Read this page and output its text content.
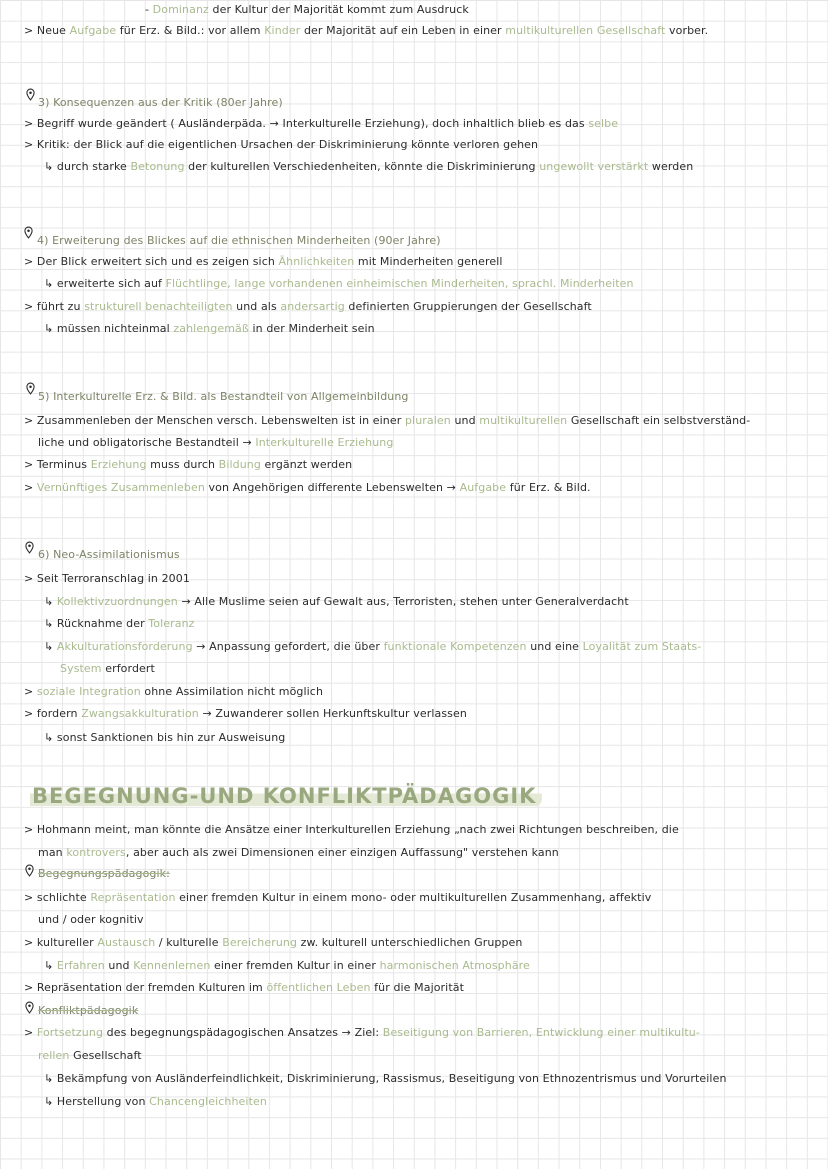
- Dominanz der Kultur der Majorität kommt zum Ausdruck
> Neue Aufgabe für Erz. & Bild.: vor allem Kinder der Majorität auf ein Leben in einer multikulturellen Gesellschaft vorber.
3) Konsequenzen aus der Kritik (80er Jahre)
> Begriff wurde geändert ( Ausländerpäda. → Interkulturelle Erziehung), doch inhaltlich blieb es das selbe
> Kritik: der Blick auf die eigentlichen Ursachen der Diskriminierung könnte verloren gehen
↳ durch starke Betonung der kulturellen Verschiedenheiten, könnte die Diskriminierung ungewollt verstärkt werden
4) Erweiterung des Blickes auf die ethnischen Minderheiten (90er Jahre)
> Der Blick erweitert sich und es zeigen sich Ähnlichkeiten mit Minderheiten generell
↳ erweiterte sich auf Flüchtlinge, lange vorhandenen einheimischen Minderheiten, sprachl. Minderheiten
> führt zu strukturell benachteiligten und als andersartig definierten Gruppierungen der Gesellschaft
↳ müssen nichteinmal zahlengemäß in der Minderheit sein
5) Interkulturelle Erz. & Bild. als Bestandteil von Allgemeinbildung
> Zusammenleben der Menschen versch. Lebenswelten ist in einer pluralen und multikulturellen Gesellschaft ein selbstverständ-
liche und obligatorische Bestandteil → Interkulturelle Erziehung
> Terminus Erziehung muss durch Bildung ergänzt werden
> Vernünftiges Zusammenleben von Angehörigen differente Lebenswelten → Aufgabe für Erz. & Bild.
6) Neo-Assimilationismus
> Seit Terroranschlag in 2001
↳ Kollektivzuordnungen → Alle Muslime seien auf Gewalt aus, Terroristen, stehen unter Generalverdacht
↳ Rücknahme der Toleranz
↳ Akkulturationsforderung → Anpassung gefordert, die über funktionale Kompetenzen und eine Loyalität zum Staats-
System erfordert
> soziale Integration ohne Assimilation nicht möglich
> fordern Zwangsakkulturation → Zuwanderer sollen Herkunftskultur verlassen
↳ sonst Sanktionen bis hin zur Ausweisung
> Hohmann meint, man könnte die Ansätze einer Interkulturellen Erziehung „nach zwei Richtungen beschreiben, die
man kontrovers, aber auch als zwei Dimensionen einer einzigen Auffassung" verstehen kann
Begegnungspädagogik:
> schlichte Repräsentation einer fremden Kultur in einem mono- oder multikulturellen Zusammenhang, affektiv
und / oder kognitiv
> kultureller Austausch / kulturelle Bereicherung zw. kulturell unterschiedlichen Gruppen
↳ Erfahren und Kennenlernen einer fremden Kultur in einer harmonischen Atmosphäre
> Repräsentation der fremden Kulturen im öffentlichen Leben für die Majorität
Konfliktpädagogik
> Fortsetzung des begegnungspädagogischen Ansatzes → Ziel: Beseitigung von Barrieren, Entwicklung einer multikultu-
rellen Gesellschaft
↳ Bekämpfung von Ausländerfeindlichkeit, Diskriminierung, Rassismus, Beseitigung von Ethnozentrismus und Vorurteilen
↳ Herstellung von Chancengleichheiten
BEGEGNUNG-UND KONFLIKTPÄDAGOGIK
